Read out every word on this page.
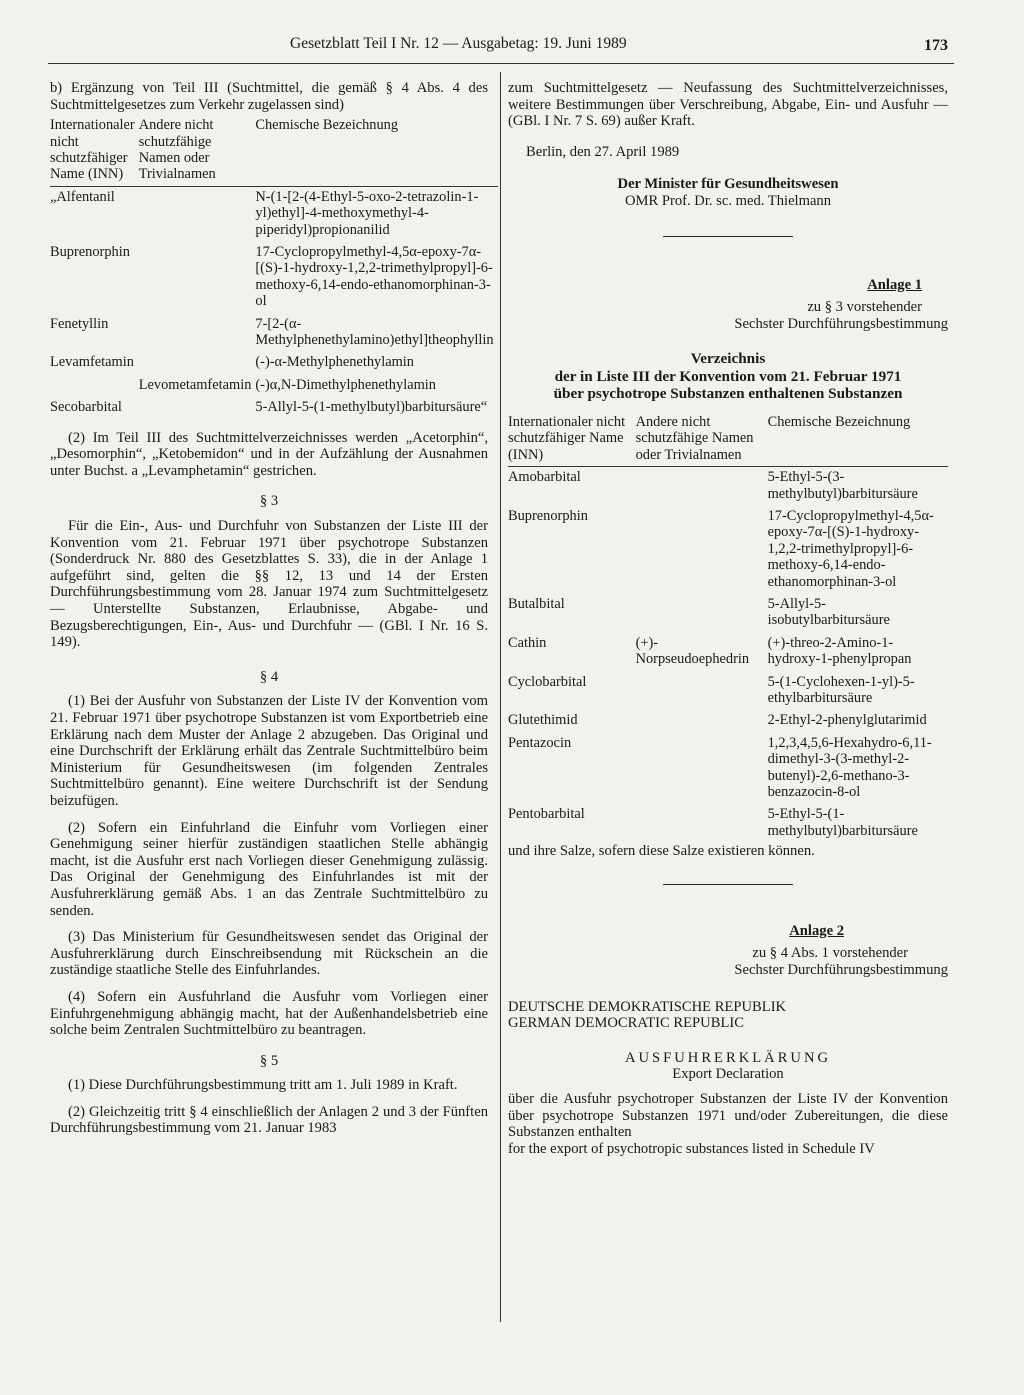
Gesetzblatt Teil I Nr. 12 — Ausgabetag: 19. Juni 1989	173

b) Ergänzung von Teil III (Suchtmittel, die gemäß § 4 Abs. 4 des Suchtmittelgesetzes zum Verkehr zugelassen sind)

Internationaler nicht schutzfähiger Name (INN)	Andere nicht schutzfähige Namen oder Trivialnamen	Chemische Bezeichnung
„Alfentanil		N-(1-[2-(4-Ethyl-5-oxo-2-tetrazolin-1-yl)ethyl]-4-methoxymethyl-4-piperidyl)propionanilid
Buprenorphin		17-Cyclopropylmethyl-4,5α-epoxy-7α-[(S)-1-hydroxy-1,2,2-trimethylpropyl]-6-methoxy-6,14-endo-ethanomorphinan-3-ol
Fenetyllin		7-[2-(α-Methylphenethylamino)ethyl]theophyllin
Levamfetamin		(-)-α-Methylphenethylamin
	Levometamfetamin	(-)α,N-Dimethylphenethylamin
Secobarbital		5-Allyl-5-(1-methylbutyl)barbitursäure“

(2) Im Teil III des Suchtmittelverzeichnisses werden „Acetorphin“, „Desomorphin“, „Ketobemidon“ und in der Aufzählung der Ausnahmen unter Buchst. a „Levamphetamin“ gestrichen.

§ 3

Für die Ein-, Aus- und Durchfuhr von Substanzen der Liste III der Konvention vom 21. Februar 1971 über psychotrope Substanzen (Sonderdruck Nr. 880 des Gesetzblattes S. 33), die in der Anlage 1 aufgeführt sind, gelten die §§ 12, 13 und 14 der Ersten Durchführungsbestimmung vom 28. Januar 1974 zum Suchtmittelgesetz — Unterstellte Substanzen, Erlaubnisse, Abgabe- und Bezugsberechtigungen, Ein-, Aus- und Durchfuhr — (GBl. I Nr. 16 S. 149).

§ 4

(1) Bei der Ausfuhr von Substanzen der Liste IV der Konvention vom 21. Februar 1971 über psychotrope Substanzen ist vom Exportbetrieb eine Erklärung nach dem Muster der Anlage 2 abzugeben. Das Original und eine Durchschrift der Erklärung erhält das Zentrale Suchtmittelbüro beim Ministerium für Gesundheitswesen (im folgenden Zentrales Suchtmittelbüro genannt). Eine weitere Durchschrift ist der Sendung beizufügen.

(2) Sofern ein Einfuhrland die Einfuhr vom Vorliegen einer Genehmigung seiner hierfür zuständigen staatlichen Stelle abhängig macht, ist die Ausfuhr erst nach Vorliegen dieser Genehmigung zulässig. Das Original der Genehmigung des Einfuhrlandes ist mit der Ausfuhrerklärung gemäß Abs. 1 an das Zentrale Suchtmittelbüro zu senden.

(3) Das Ministerium für Gesundheitswesen sendet das Original der Ausfuhrerklärung durch Einschreibsendung mit Rückschein an die zuständige staatliche Stelle des Einfuhrlandes.

(4) Sofern ein Ausfuhrland die Ausfuhr vom Vorliegen einer Einfuhrgenehmigung abhängig macht, hat der Außenhandelsbetrieb eine solche beim Zentralen Suchtmittelbüro zu beantragen.

§ 5

(1) Diese Durchführungsbestimmung tritt am 1. Juli 1989 in Kraft.

(2) Gleichzeitig tritt § 4 einschließlich der Anlagen 2 und 3 der Fünften Durchführungsbestimmung vom 21. Januar 1983

zum Suchtmittelgesetz — Neufassung des Suchtmittelverzeichnisses, weitere Bestimmungen über Verschreibung, Abgabe, Ein- und Ausfuhr — (GBl. I Nr. 7 S. 69) außer Kraft.

Berlin, den 27. April 1989

Der Minister für Gesundheitswesen

OMR Prof. Dr. sc. med. Thielmann

Anlage 1

zu § 3 vorstehender

Sechster Durchführungsbestimmung

Verzeichnis

der in Liste III der Konvention vom 21. Februar 1971

über psychotrope Substanzen enthaltenen Substanzen

Internationaler nicht schutzfähiger Name (INN)	Andere nicht schutzfähige Namen oder Trivialnamen	Chemische Bezeichnung
Amobarbital		5-Ethyl-5-(3-methylbutyl)barbitursäure
Buprenorphin		17-Cyclopropylmethyl-4,5α-epoxy-7α-[(S)-1-hydroxy-1,2,2-trimethylpropyl]-6-methoxy-6,14-endo-ethanomorphinan-3-ol
Butalbital		5-Allyl-5-isobutylbarbitursäure
Cathin	(+)-Norpseudoephedrin	(+)-threo-2-Amino-1-hydroxy-1-phenylpropan
Cyclobarbital		5-(1-Cyclohexen-1-yl)-5-ethylbarbitursäure
Glutethimid		2-Ethyl-2-phenylglutarimid
Pentazocin		1,2,3,4,5,6-Hexahydro-6,11-dimethyl-3-(3-methyl-2-butenyl)-2,6-methano-3-benzazocin-8-ol
Pentobarbital		5-Ethyl-5-(1-methylbutyl)barbitursäure

und ihre Salze, sofern diese Salze existieren können.

Anlage 2

zu § 4 Abs. 1 vorstehender

Sechster Durchführungsbestimmung

DEUTSCHE DEMOKRATISCHE REPUBLIK

GERMAN DEMOCRATIC REPUBLIC

AUSFUHRERKLÄRUNG

Export Declaration

über die Ausfuhr psychotroper Substanzen der Liste IV der Konvention über psychotrope Substanzen 1971 und/oder Zubereitungen, die diese Substanzen enthalten

for the export of psychotropic substances listed in Schedule IV
